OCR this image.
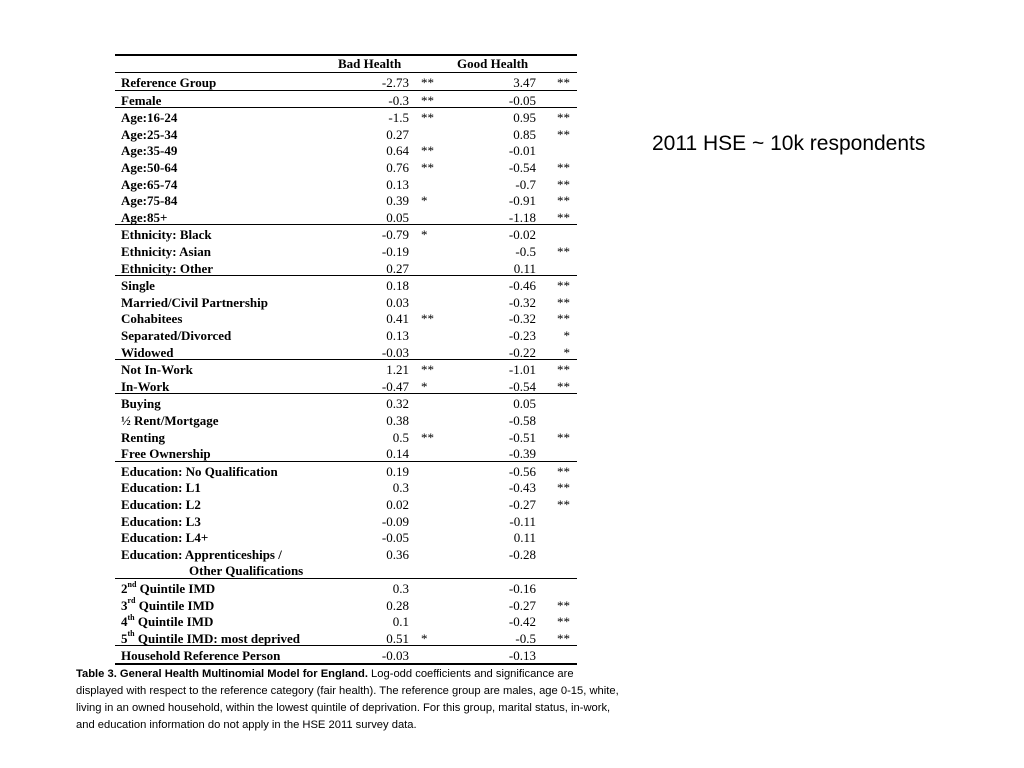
Bad Health	Good Health
Reference Group	-2.73 **	3.47	**
Female	-0.3 **	-0.05
Age:16-24	-1.5 **	0.95	**
Age:25-34	0.27	0.85	**
Age:35-49	0.64 **	-0.01
Age:50-64	0.76 **	-0.54	**
Age:65-74	0.13	-0.7	**
Age:75-84	0.39 *	-0.91	**
Age:85+	0.05	-1.18	**
Ethnicity: Black	-0.79 *	-0.02
Ethnicity: Asian	-0.19	-0.5	**
Ethnicity: Other	0.27	0.11
Single	0.18	-0.46	**
Married/Civil Partnership	0.03	-0.32	**
Cohabitees	0.41 **	-0.32	**
Separated/Divorced	0.13	-0.23	*
Widowed	-0.03	-0.22	*
Not In-Work	1.21 **	-1.01	**
In-Work	-0.47 *	-0.54	**
Buying	0.32	0.05
½ Rent/Mortgage	0.38	-0.58
Renting	0.5 **	-0.51	**
Free Ownership	0.14	-0.39
Education: No Qualification	0.19	-0.56	**
Education: L1	0.3	-0.43	**
Education: L2	0.02	-0.27	**
Education: L3	-0.09	-0.11
Education: L4+	-0.05	0.11
Education: Apprenticeships /	0.36	-0.28
Other Qualifications
2nd Quintile IMD	0.3	-0.16
3rd Quintile IMD	0.28	-0.27	**
4th Quintile IMD	0.1	-0.42	**
5th Quintile IMD: most deprived	0.51 *	-0.5	**
Household Reference Person	-0.03	-0.13
Table 3. General Health Multinomial Model for England. Log-odd coefficients and significance are displayed with respect to the reference category (fair health). The reference group are males, age 0-15, white, living in an owned household, within the lowest quintile of deprivation. For this group, marital status, in-work, and education information do not apply in the HSE 2011 survey data.
2011 HSE ~ 10k respondents
